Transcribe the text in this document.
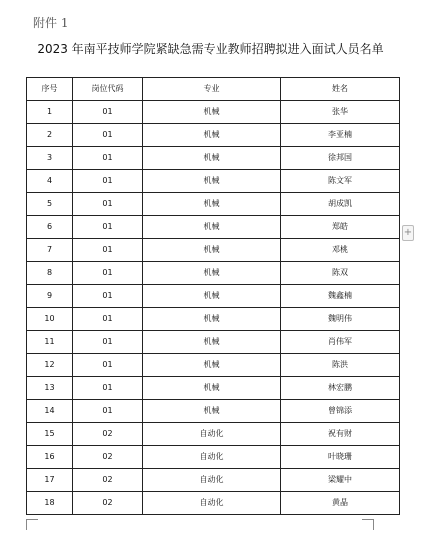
附件 1
2023 年南平技师学院紧缺急需专业教师招聘拟进入面试人员名单
序号	岗位代码	专业	姓名
1	01	机械	张华
2	01	机械	李亚楠
3	01	机械	徐邦国
4	01	机械	陈文军
5	01	机械	胡成凯
6	01	机械	郑皓
7	01	机械	邓桃
8	01	机械	陈双
9	01	机械	魏鑫楠
10	01	机械	魏明伟
11	01	机械	肖伟军
12	01	机械	陈洪
13	01	机械	林宏鹏
14	01	机械	曾锦添
15	02	自动化	祝有财
16	02	自动化	叶晓珊
17	02	自动化	梁耀中
18	02	自动化	黄晶
+
